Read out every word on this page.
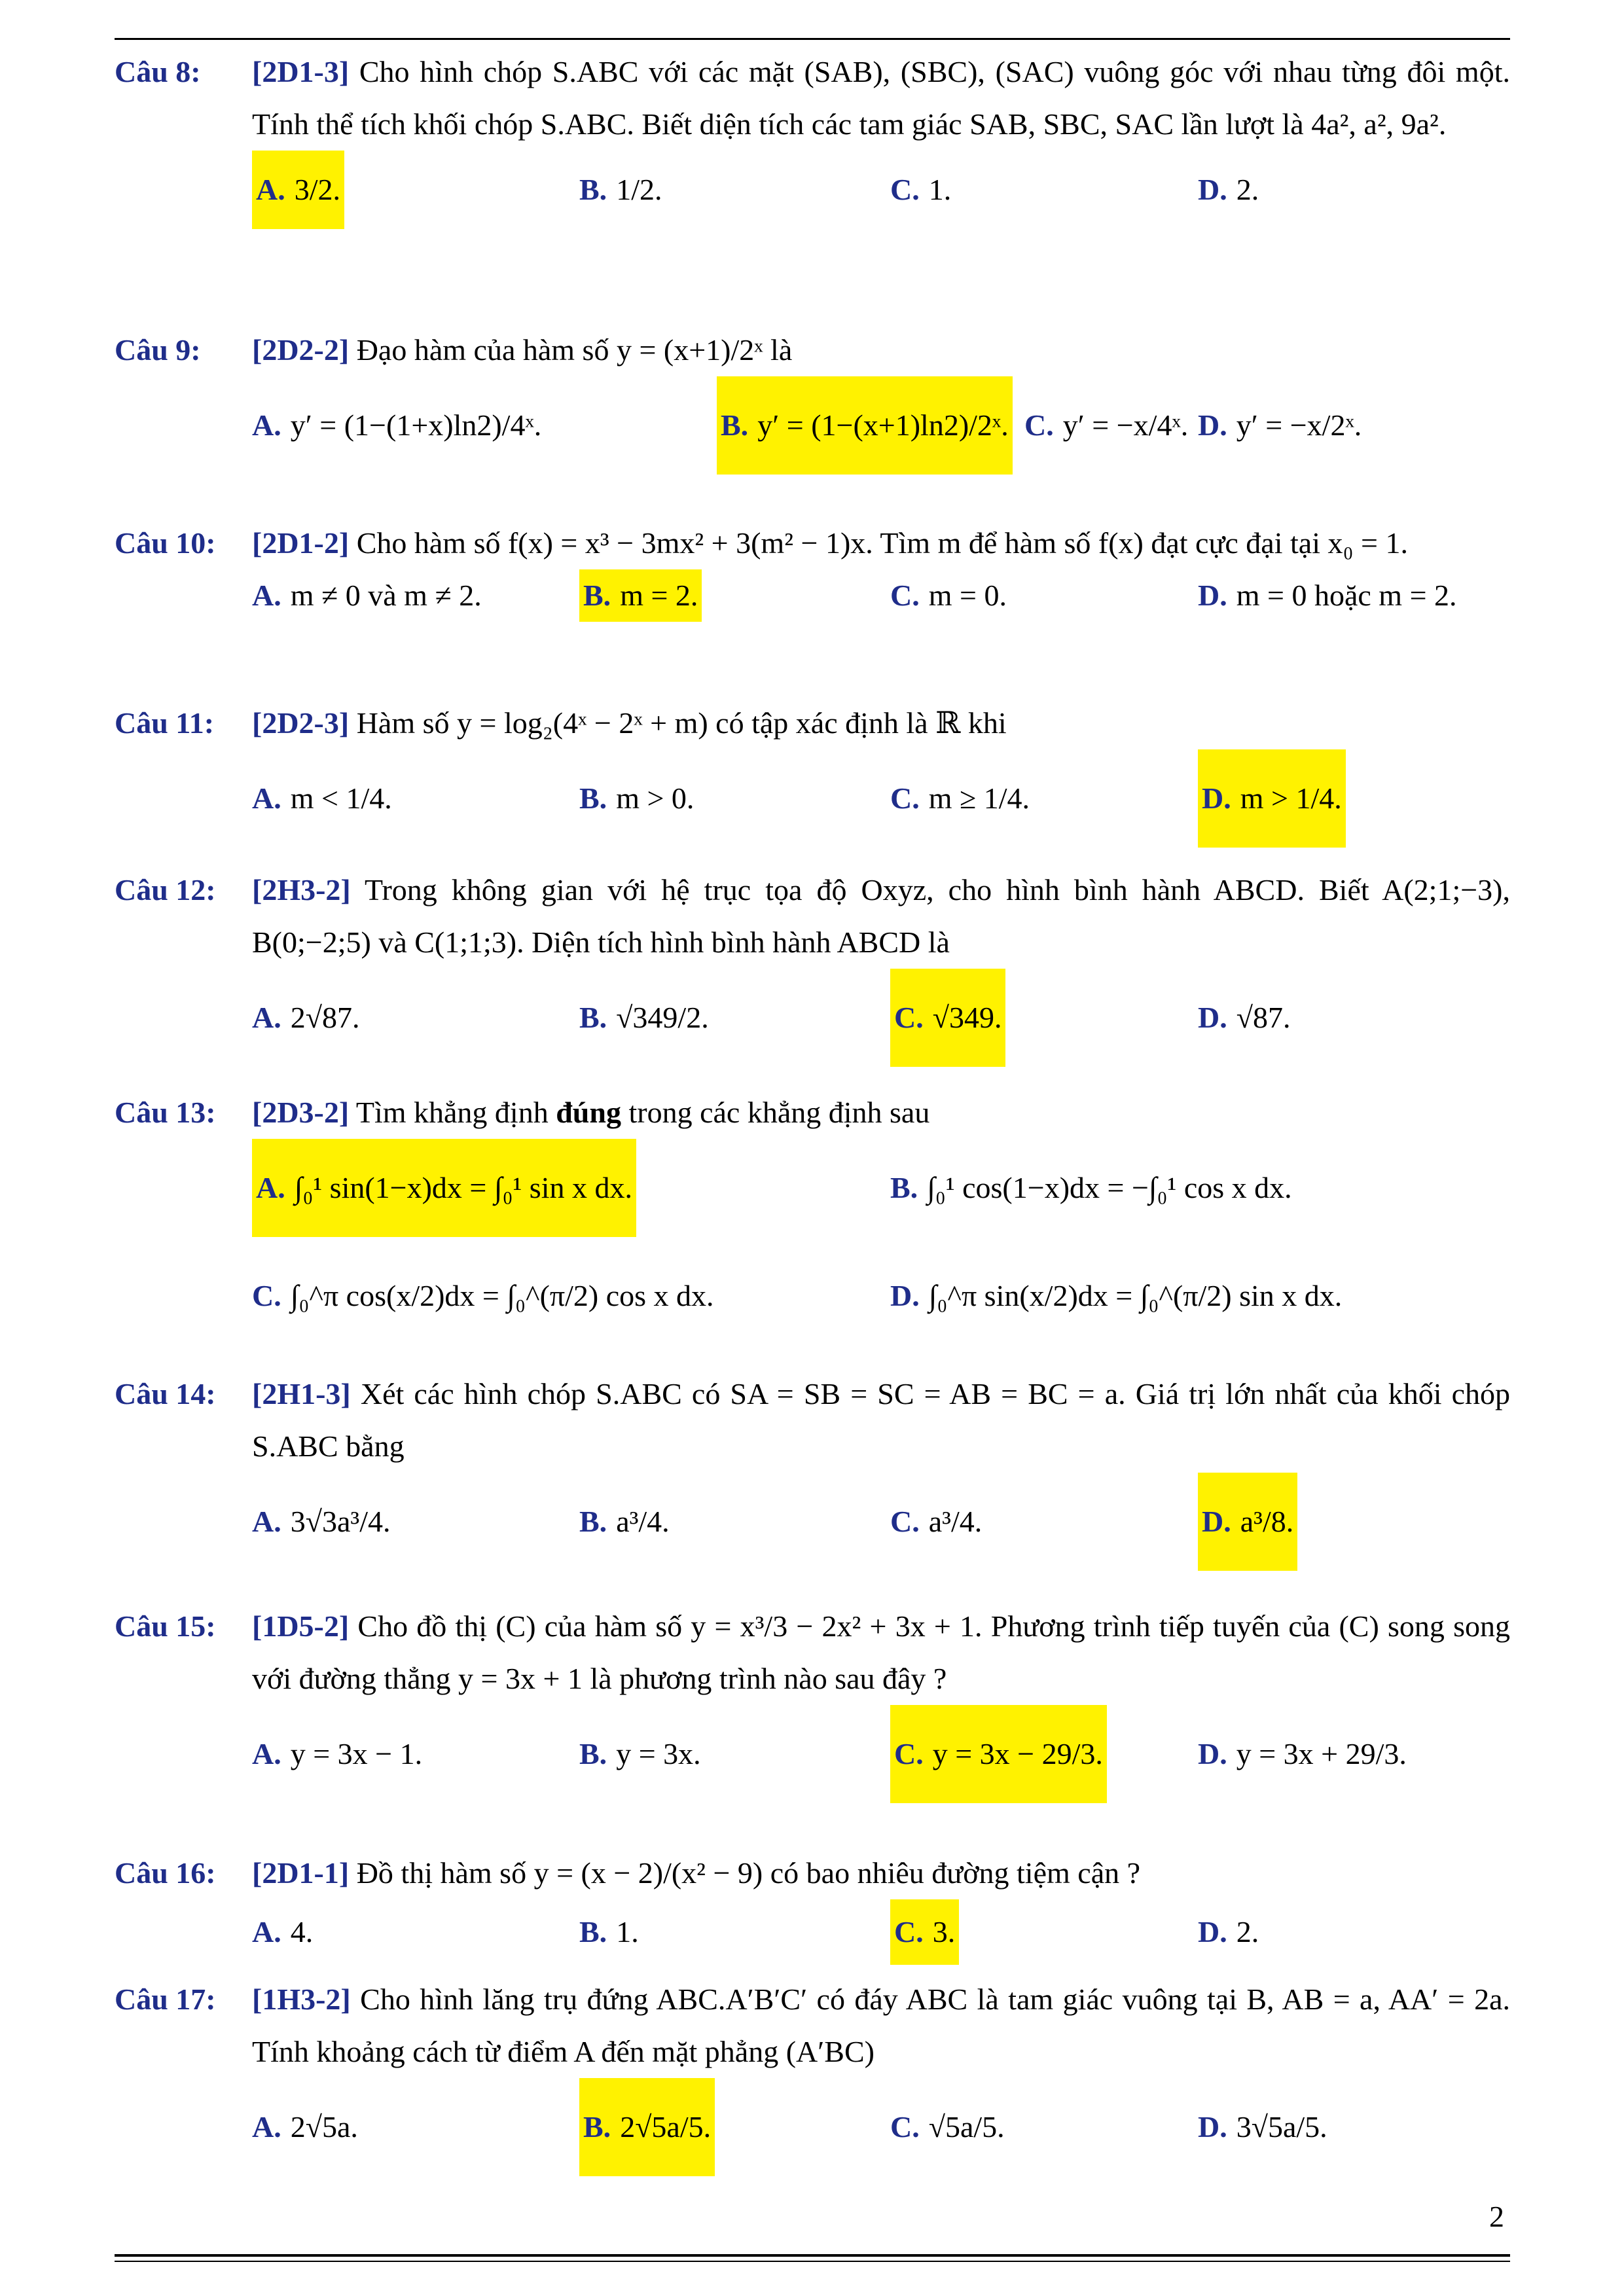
Câu 8: [2D1-3] Cho hình chóp S.ABC với các mặt (SAB), (SBC), (SAC) vuông góc với nhau từng đôi một. Tính thể tích khối chóp S.ABC. Biết diện tích các tam giác SAB, SBC, SAC lần lượt là 4a², a², 9a².
A. 3/2.	B. 1/2.	C. 1.	D. 2.
Câu 9: [2D2-2] Đạo hàm của hàm số y = (x+1)/2ˣ là
A. y′ = (1−(1+x)ln2)/4ˣ.	B. y′ = (1−(x+1)ln2)/2ˣ. C. y′ = −x/4ˣ. D. y′ = −x/2ˣ.
Câu 10: [2D1-2] Cho hàm số f(x) = x³ − 3mx² + 3(m² − 1)x. Tìm m để hàm số f(x) đạt cực đại tại x₀ = 1.
A. m ≠ 0 và m ≠ 2.	B. m = 2.	C. m = 0.	D. m = 0 hoặc m = 2.
Câu 11: [2D2-3] Hàm số y = log₂(4ˣ − 2ˣ + m) có tập xác định là ℝ khi
A. m < 1/4.	B. m > 0.	C. m ≥ 1/4.	D. m > 1/4.
Câu 12: [2H3-2] Trong không gian với hệ trục tọa độ Oxyz, cho hình bình hành ABCD. Biết A(2;1;−3), B(0;−2;5) và C(1;1;3). Diện tích hình bình hành ABCD là
A. 2√87.	B. √349/2.	C. √349.	D. √87.
Câu 13: [2D3-2] Tìm khẳng định đúng trong các khẳng định sau
A. ∫₀¹ sin(1−x)dx = ∫₀¹ sin x dx.	B. ∫₀¹ cos(1−x)dx = −∫₀¹ cos x dx.
C. ∫₀^π cos(x/2)dx = ∫₀^(π/2) cos x dx.	D. ∫₀^π sin(x/2)dx = ∫₀^(π/2) sin x dx.
Câu 14: [2H1-3] Xét các hình chóp S.ABC có SA = SB = SC = AB = BC = a. Giá trị lớn nhất của khối chóp S.ABC bằng
A. 3√3a³/4.	B. a³/4.	C. a³/4.	D. a³/8.
Câu 15: [1D5-2] Cho đồ thị (C) của hàm số y = x³/3 − 2x² + 3x + 1. Phương trình tiếp tuyến của (C) song song với đường thẳng y = 3x + 1 là phương trình nào sau đây ?
A. y = 3x − 1.	B. y = 3x.	C. y = 3x − 29/3.	D. y = 3x + 29/3.
Câu 16: [2D1-1] Đồ thị hàm số y = (x − 2)/(x² − 9) có bao nhiêu đường tiệm cận ?
A. 4.	B. 1.	C. 3.	D. 2.
Câu 17: [1H3-2] Cho hình lăng trụ đứng ABC.A′B′C′ có đáy ABC là tam giác vuông tại B, AB = a, AA′ = 2a. Tính khoảng cách từ điểm A đến mặt phẳng (A′BC)
A. 2√5a.	B. 2√5a/5.	C. √5a/5.	D. 3√5a/5.
2
